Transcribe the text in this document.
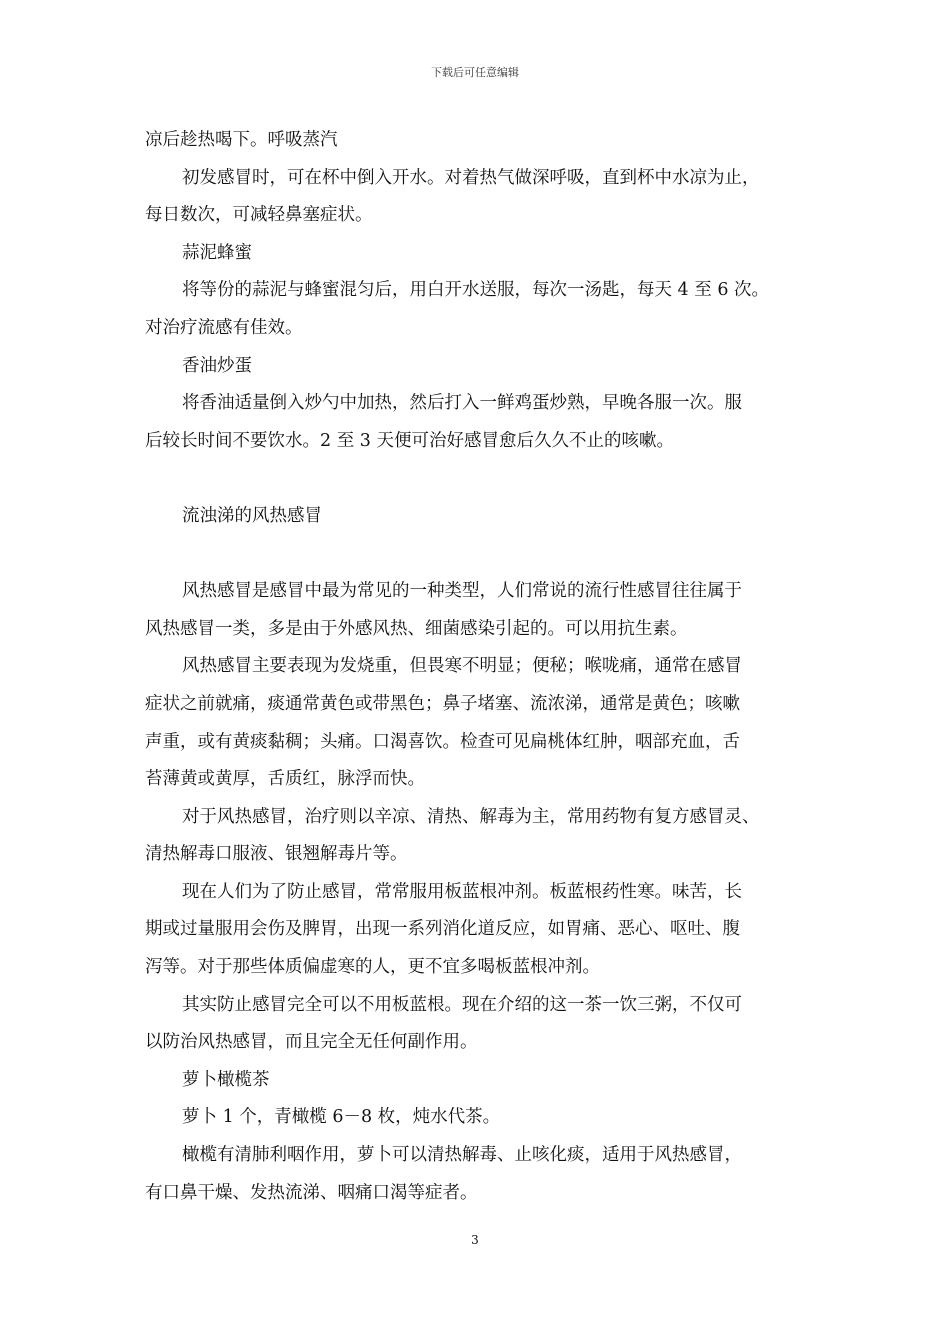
下载后可任意编辑
凉后趁热喝下。呼吸蒸汽
初发感冒时，可在杯中倒入开水。对着热气做深呼吸，直到杯中水凉为止，
每日数次，可减轻鼻塞症状。
蒜泥蜂蜜
将等份的蒜泥与蜂蜜混匀后，用白开水送服，每次一汤匙，每天 4 至 6 次。
对治疗流感有佳效。
香油炒蛋
将香油适量倒入炒勺中加热，然后打入一鲜鸡蛋炒熟，早晚各服一次。服
后较长时间不要饮水。2 至 3 天便可治好感冒愈后久久不止的咳嗽。
流浊涕的风热感冒
风热感冒是感冒中最为常见的一种类型，人们常说的流行性感冒往往属于
风热感冒一类，多是由于外感风热、细菌感染引起的。可以用抗生素。
风热感冒主要表现为发烧重，但畏寒不明显；便秘；喉咙痛，通常在感冒
症状之前就痛，痰通常黄色或带黑色；鼻子堵塞、流浓涕，通常是黄色；咳嗽
声重，或有黄痰黏稠；头痛。口渴喜饮。检查可见扁桃体红肿，咽部充血，舌
苔薄黄或黄厚，舌质红，脉浮而快。
对于风热感冒，治疗则以辛凉、清热、解毒为主，常用药物有复方感冒灵、
清热解毒口服液、银翘解毒片等。
现在人们为了防止感冒，常常服用板蓝根冲剂。板蓝根药性寒。味苦，长
期或过量服用会伤及脾胃，出现一系列消化道反应，如胃痛、恶心、呕吐、腹
泻等。对于那些体质偏虚寒的人，更不宜多喝板蓝根冲剂。
其实防止感冒完全可以不用板蓝根。现在介绍的这一茶一饮三粥，不仅可
以防治风热感冒，而且完全无任何副作用。
萝卜橄榄茶
萝卜 1 个，青橄榄 6－8 枚，炖水代茶。
橄榄有清肺利咽作用，萝卜可以清热解毒、止咳化痰，适用于风热感冒，
有口鼻干燥、发热流涕、咽痛口渴等症者。
3
